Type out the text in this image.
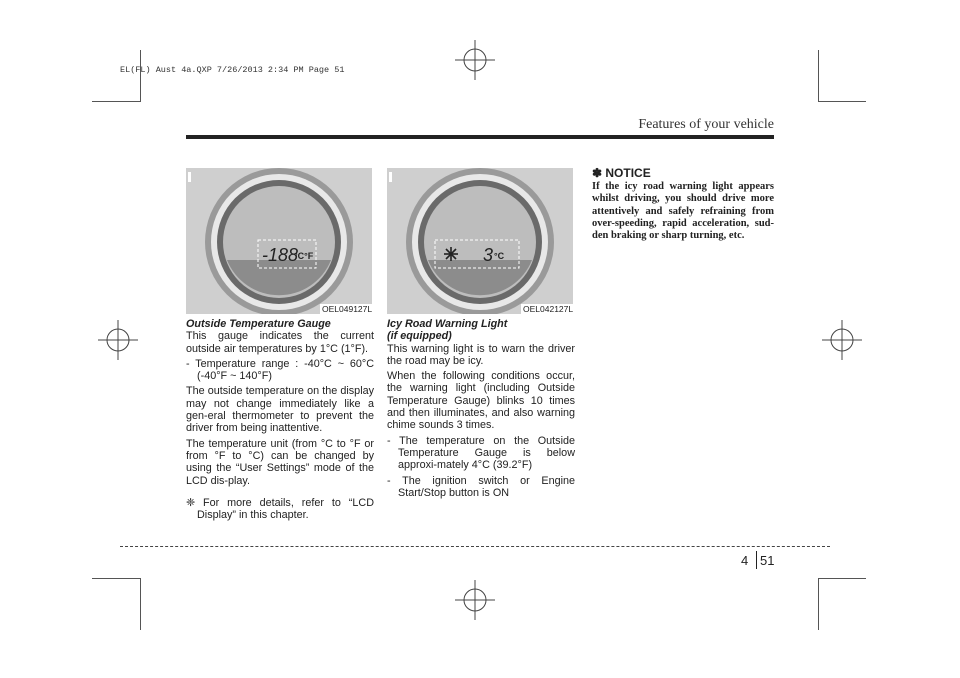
EL(FL) Aust 4a.QXP 7/26/2013 2:34 PM Page 51
Features of your vehicle
-188
°C°F
OEL049127L
3 °C
OEL042127L
Outside Temperature Gauge

This gauge indicates the current outside air temperatures by 1°C (1°F).

- Temperature range : -40°C ~ 60°C (-40°F ~ 140°F)

The outside temperature on the display may not change immediately like a gen-eral thermometer to prevent the driver from being inattentive.

The temperature unit (from °C to °F or from °F to °C) can be changed by using the “User Settings” mode of the LCD dis-play.

❈ For more details, refer to “LCD Display” in this chapter.
Icy Road Warning Light
(if equipped)

This warning light is to warn the driver the road may be icy.

When the following conditions occur, the warning light (including Outside Temperature Gauge) blinks 10 times and then illuminates, and also warning chime sounds 3 times.

- The temperature on the Outside Temperature Gauge is below approxi-mately 4°C (39.2°F)
- The ignition switch or Engine Start/Stop button is ON
✽ NOTICE
If the icy road warning light appears whilst driving, you should drive more attentively and safely refraining from over-speeding, rapid acceleration, sud-den braking or sharp turning, etc.
4 51
